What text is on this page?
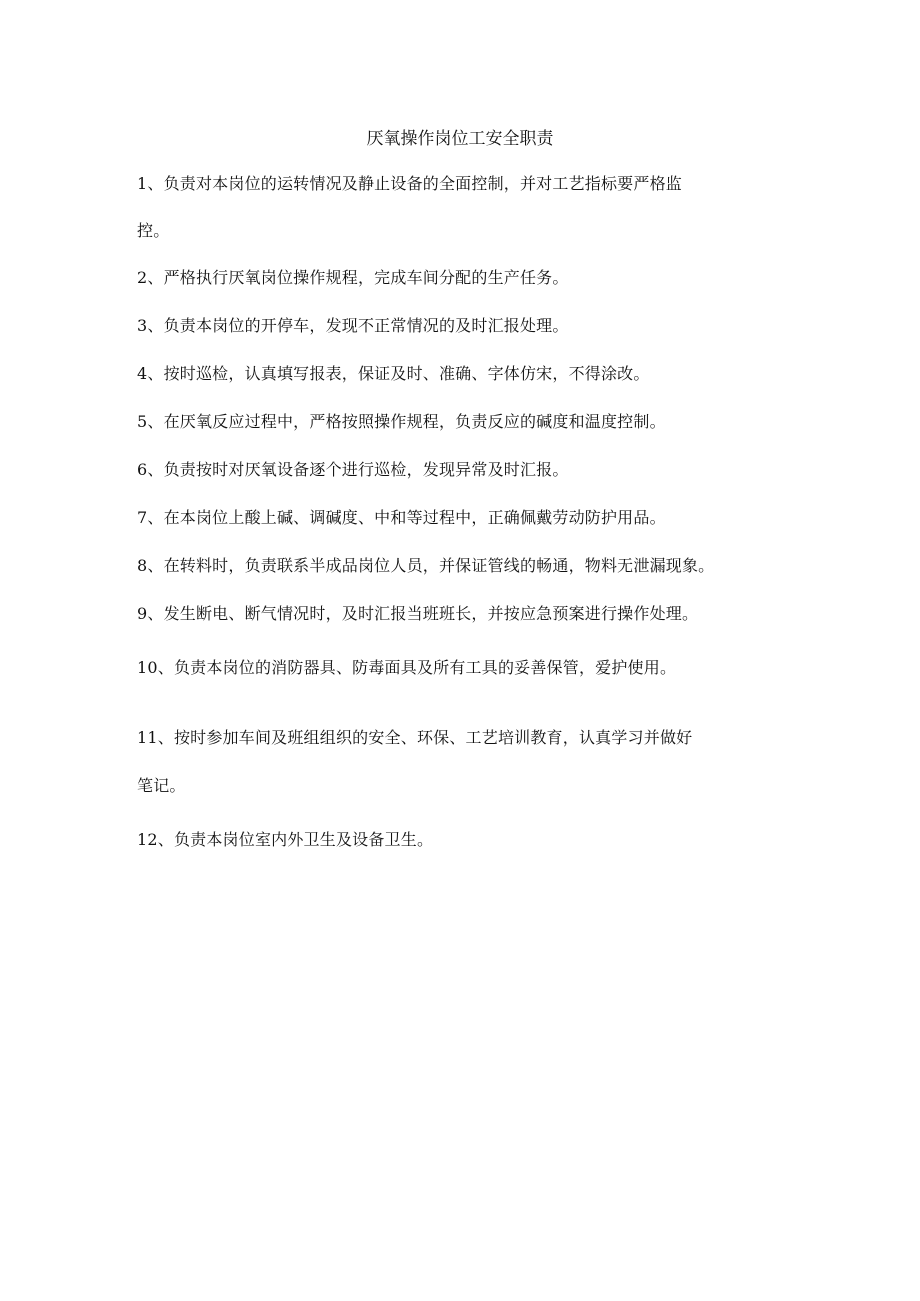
厌氧操作岗位工安全职责
1、负责对本岗位的运转情况及静止设备的全面控制，并对工艺指标要严格监
控。
2、严格执行厌氧岗位操作规程，完成车间分配的生产任务。
3、负责本岗位的开停车，发现不正常情况的及时汇报处理。
4、按时巡检，认真填写报表，保证及时、准确、字体仿宋，不得涂改。
5、在厌氧反应过程中，严格按照操作规程，负责反应的碱度和温度控制。
6、负责按时对厌氧设备逐个进行巡检，发现异常及时汇报。
7、在本岗位上酸上碱、调碱度、中和等过程中，正确佩戴劳动防护用品。
8、在转料时，负责联系半成品岗位人员，并保证管线的畅通，物料无泄漏现象。
9、发生断电、断气情况时，及时汇报当班班长，并按应急预案进行操作处理。
10、负责本岗位的消防器具、防毒面具及所有工具的妥善保管，爱护使用。
11、按时参加车间及班组组织的安全、环保、工艺培训教育，认真学习并做好
笔记。
12、负责本岗位室内外卫生及设备卫生。
